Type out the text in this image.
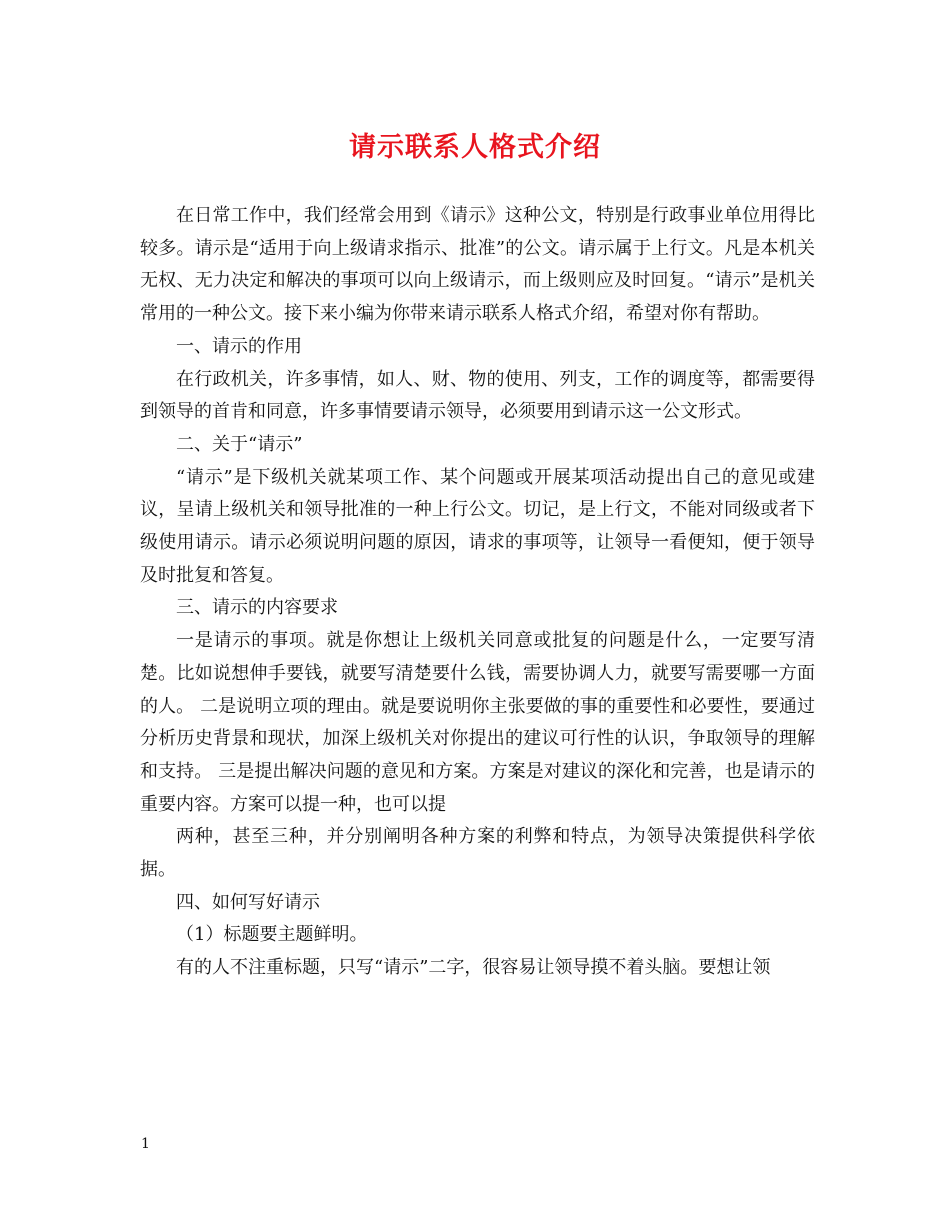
请示联系人格式介绍

在日常工作中，我们经常会用到《请示》这种公文，特别是行政事业单位用得比较多。请示是“适用于向上级请求指示、批准”的公文。请示属于上行文。凡是本机关无权、无力决定和解决的事项可以向上级请示，而上级则应及时回复。“请示”是机关常用的一种公文。接下来小编为你带来请示联系人格式介绍，希望对你有帮助。

一、请示的作用

在行政机关，许多事情，如人、财、物的使用、列支，工作的调度等，都需要得到领导的首肯和同意，许多事情要请示领导，必须要用到请示这一公文形式。

二、关于“请示”

“请示”是下级机关就某项工作、某个问题或开展某项活动提出自己的意见或建议，呈请上级机关和领导批准的一种上行公文。切记，是上行文，不能对同级或者下级使用请示。请示必须说明问题的原因，请求的事项等，让领导一看便知，便于领导及时批复和答复。

三、请示的内容要求

一是请示的事项。就是你想让上级机关同意或批复的问题是什么，一定要写清楚。比如说想伸手要钱，就要写清楚要什么钱，需要协调人力，就要写需要哪一方面的人。 二是说明立项的理由。就是要说明你主张要做的事的重要性和必要性，要通过分析历史背景和现状，加深上级机关对你提出的建议可行性的认识，争取领导的理解和支持。 三是提出解决问题的意见和方案。方案是对建议的深化和完善，也是请示的重要内容。方案可以提一种，也可以提

两种，甚至三种，并分别阐明各种方案的利弊和特点，为领导决策提供科学依据。

四、如何写好请示

（1）标题要主题鲜明。

有的人不注重标题，只写“请示”二字，很容易让领导摸不着头脑。要想让领

1
